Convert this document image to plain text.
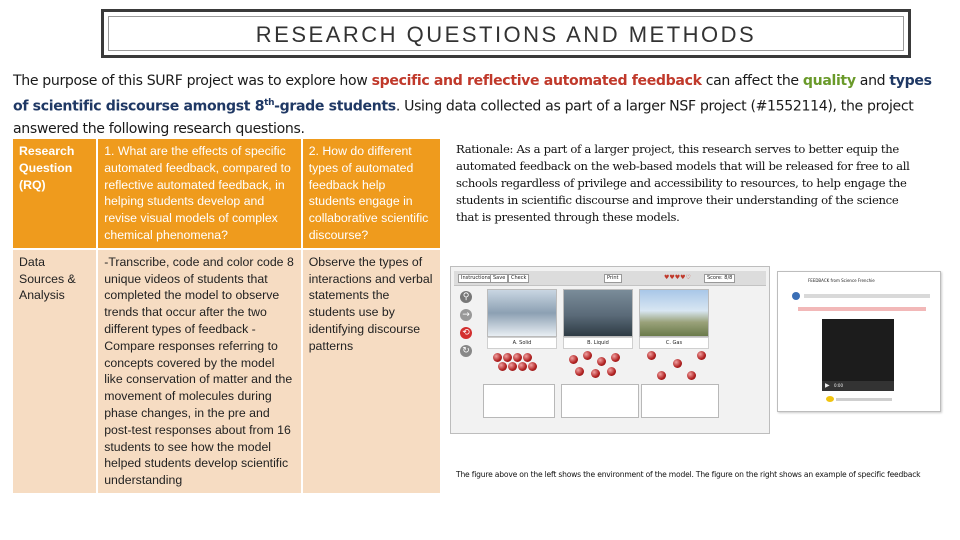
RESEARCH QUESTIONS AND METHODS
The purpose of this SURF project was to explore how specific and reflective automated feedback can affect the quality and types of scientific discourse amongst 8th-grade students. Using data collected as part of a larger NSF project (#1552114), the project answered the following research questions.
Research Question (RQ)	1. What are the effects of specific automated feedback, compared to reflective automated feedback, in helping students develop and revise visual models of complex chemical phenomena?	2. How do different types of automated feedback help students engage in collaborative scientific discourse?
Data Sources & Analysis	-Transcribe, code and color code 8 unique videos of students that completed the model to observe trends that occur after the two different types of feedback -Compare responses referring to concepts covered by the model like conservation of matter and the movement of molecules during phase changes, in the pre and post-test responses about from 16 students to see how the model helped students develop scientific understanding	Observe the types of interactions and verbal statements the students use by identifying discourse patterns
Rationale: As a part of a larger project, this research serves to better equip the automated feedback on the web-based models that will be released for free to all schools regardless of privilege and accessibility to resources, to help engage the students in scientific discourse and improve their understanding of the science that is presented through these models.
Instructions Save	Check	Print	♥♥♥♥♡	Score: 8/8
⚲
→
⟲
↻
A. Solid	B. Liquid	C. Gas
FEEDBACK from Science Frenchie
▶ 0:00
The figure above on the left shows the environment of the model. The figure on the right shows an example of specific feedback
